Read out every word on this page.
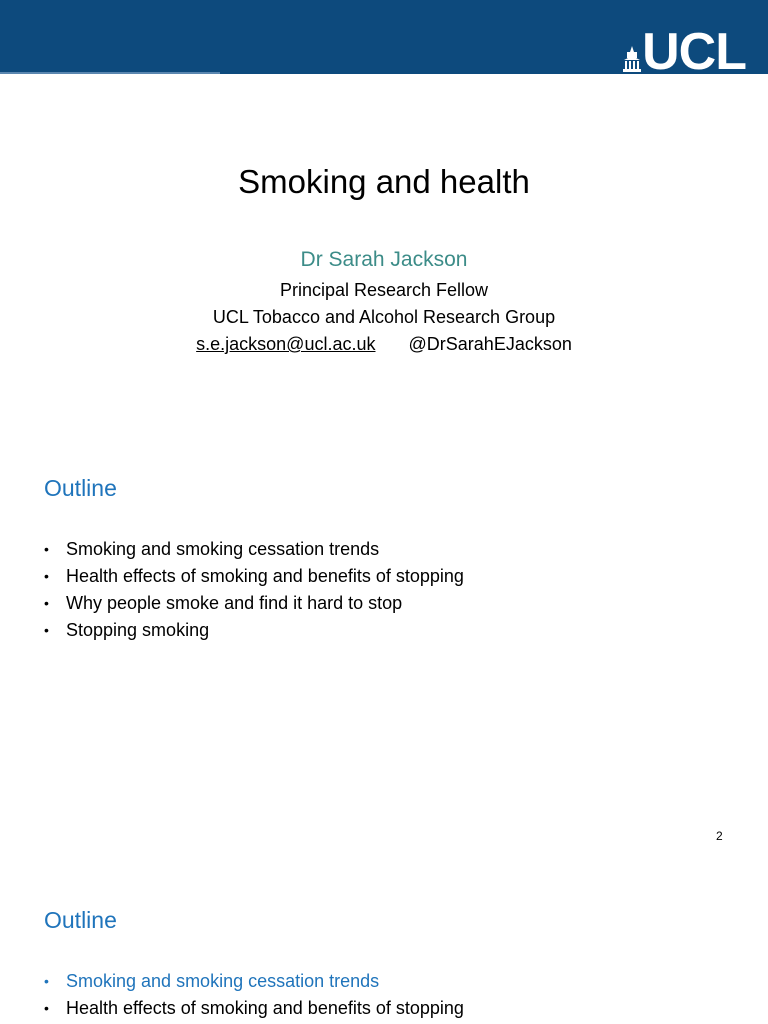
UCL
Smoking and health
Dr Sarah Jackson
Principal Research Fellow
UCL Tobacco and Alcohol Research Group
s.e.jackson@ucl.ac.uk @DrSarahEJackson
Outline
• Smoking and smoking cessation trends
• Health effects of smoking and benefits of stopping
• Why people smoke and find it hard to stop
• Stopping smoking
2
Outline
• Smoking and smoking cessation trends
• Health effects of smoking and benefits of stopping
